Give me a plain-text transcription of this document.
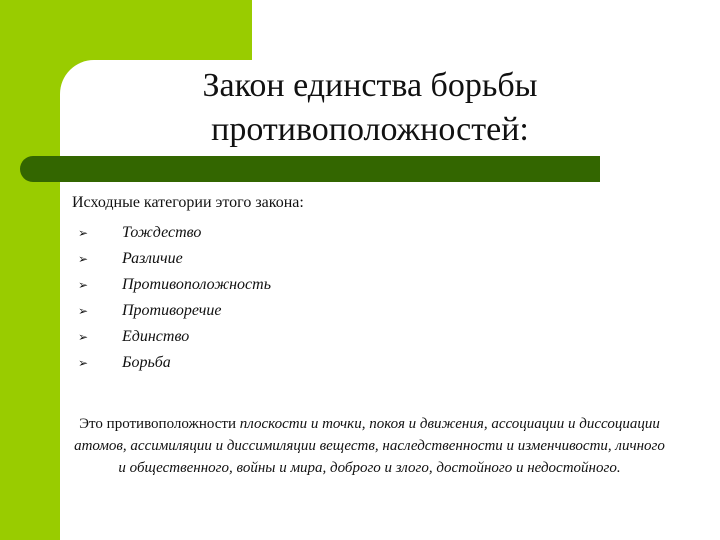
Закон единства борьбы
противоположностей:

Исходные категории этого закона:

➢ Тождество
➢ Различие
➢ Противоположность
➢ Противоречие
➢ Единство
➢ Борьба

Это противоположности плоскости и точки, покоя и движения, ассоциации и диссоциации атомов, ассимиляции и диссимиляции веществ, наследственности и изменчивости, личного и общественного, войны и мира, доброго и злого, достойного и недостойного.
